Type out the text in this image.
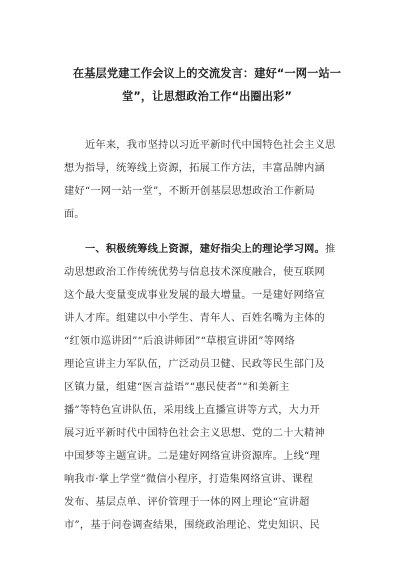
在基层党建工作会议上的交流发言：建好“一网一站一
堂”，让思想政治工作“出圈出彩”
近年来，我市坚持以习近平新时代中国特色社会主义思
想为指导，统筹线上资源，拓展工作方法，丰富品牌内涵
建好“一网一站一堂”，不断开创基层思想政治工作新局
面。
一、积极统筹线上资源，建好指尖上的理论学习网。推
动思想政治工作传统优势与信息技术深度融合，使互联网
这个最大变量变成事业发展的最大增量。一是建好网络宣
讲人才库。组建以中小学生、青年人、百姓名嘴为主体的
“红领巾巡讲团”“后浪讲师团”“草根宣讲团”等网络
理论宣讲主力军队伍，广泛动员卫健、民政等民生部门及
区镇力量，组建“医言益语”“惠民使者”“和美新主
播”等特色宣讲队伍，采用线上直播宣讲等方式，大力开
展习近平新时代中国特色社会主义思想、党的二十大精神
中国梦等主题宣讲。二是建好网络宣讲资源库。上线“理
响我市·掌上学堂”微信小程序，打造集网络宣讲、课程
发布、基层点单、评价管理于一体的网上理论“宣讲超
市”，基于问卷调查结果，围绕政治理论、党史知识、民
